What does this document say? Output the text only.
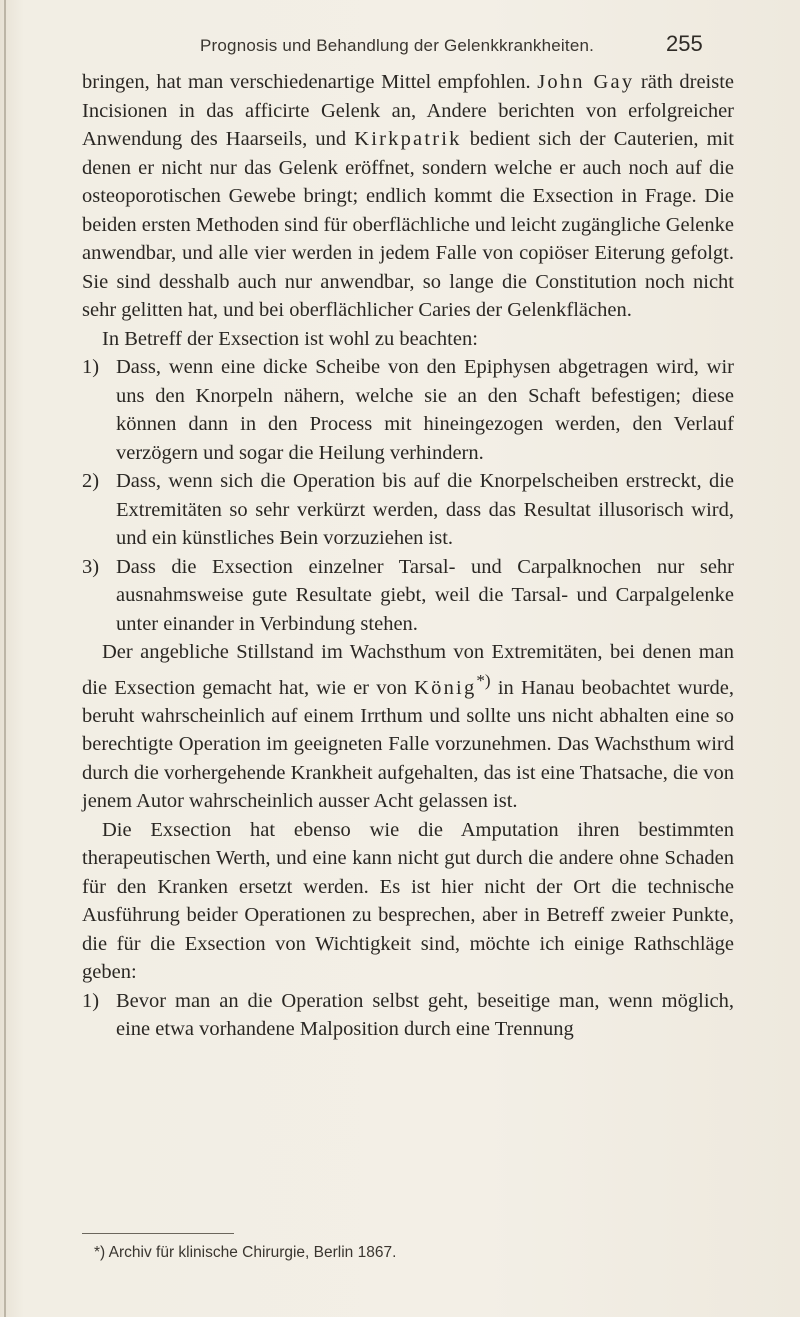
Prognosis und Behandlung der Gelenkkrankheiten.	255

bringen, hat man verschiedenartige Mittel empfohlen. John Gay räth dreiste Incisionen in das afficirte Gelenk an, Andere berichten von erfolgreicher Anwendung des Haarseils, und Kirkpatrik bedient sich der Cauterien, mit denen er nicht nur das Gelenk eröffnet, sondern welche er auch noch auf die osteoporotischen Gewebe bringt; endlich kommt die Exsection in Frage. Die beiden ersten Methoden sind für oberflächliche und leicht zugängliche Gelenke anwendbar, und alle vier werden in jedem Falle von copiöser Eiterung gefolgt. Sie sind desshalb auch nur anwendbar, so lange die Constitution noch nicht sehr gelitten hat, und bei oberflächlicher Caries der Gelenkflächen.

In Betreff der Exsection ist wohl zu beachten:

1) Dass, wenn eine dicke Scheibe von den Epiphysen abgetragen wird, wir uns den Knorpeln nähern, welche sie an den Schaft befestigen; diese können dann in den Process mit hineingezogen werden, den Verlauf verzögern und sogar die Heilung verhindern.
2) Dass, wenn sich die Operation bis auf die Knorpelscheiben erstreckt, die Extremitäten so sehr verkürzt werden, dass das Resultat illusorisch wird, und ein künstliches Bein vorzuziehen ist.
3) Dass die Exsection einzelner Tarsal- und Carpalknochen nur sehr ausnahmsweise gute Resultate giebt, weil die Tarsal- und Carpalgelenke unter einander in Verbindung stehen.

Der angebliche Stillstand im Wachsthum von Extremitäten, bei denen man die Exsection gemacht hat, wie er von König*) in Hanau beobachtet wurde, beruht wahrscheinlich auf einem Irrthum und sollte uns nicht abhalten eine so berechtigte Operation im geeigneten Falle vorzunehmen. Das Wachsthum wird durch die vorhergehende Krankheit aufgehalten, das ist eine Thatsache, die von jenem Autor wahrscheinlich ausser Acht gelassen ist.

Die Exsection hat ebenso wie die Amputation ihren bestimmten therapeutischen Werth, und eine kann nicht gut durch die andere ohne Schaden für den Kranken ersetzt werden. Es ist hier nicht der Ort die technische Ausführung beider Operationen zu besprechen, aber in Betreff zweier Punkte, die für die Exsection von Wichtigkeit sind, möchte ich einige Rathschläge geben:

1) Bevor man an die Operation selbst geht, beseitige man, wenn möglich, eine etwa vorhandene Malposition durch eine Trennung
*) Archiv für klinische Chirurgie, Berlin 1867.
